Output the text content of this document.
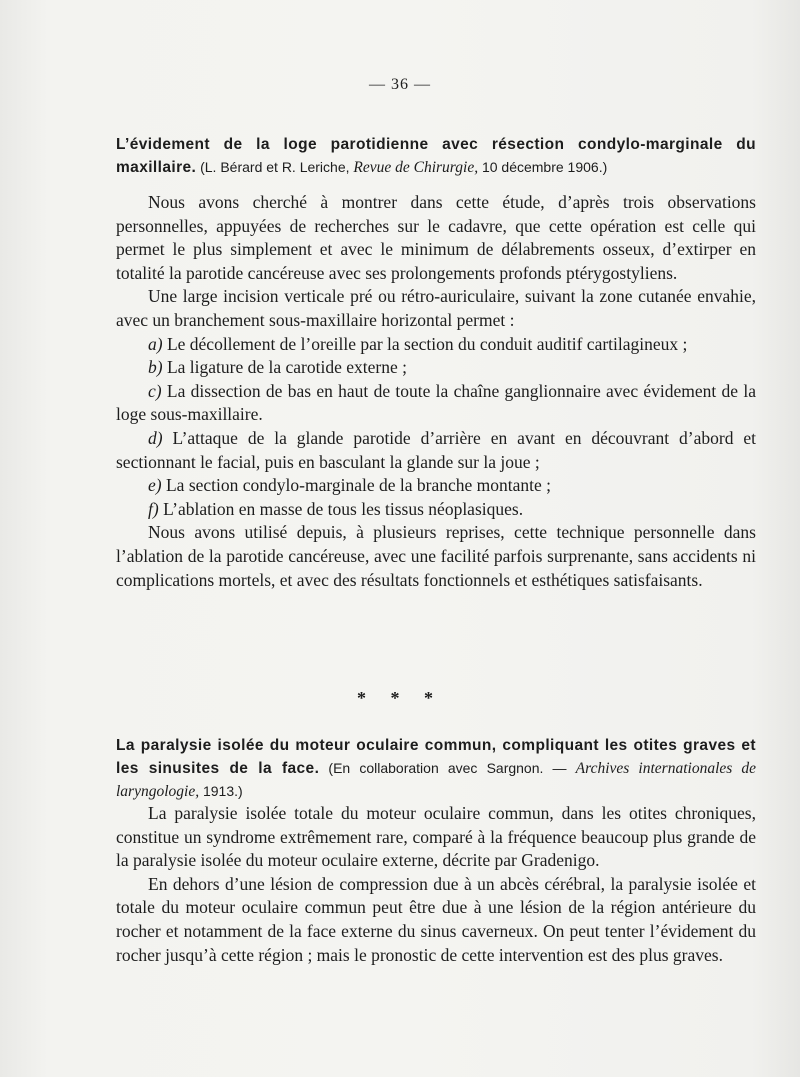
— 36 —
L’évidement de la loge parotidienne avec résection condylo-marginale du maxillaire. (L. Bérard et R. Leriche, Revue de Chirurgie, 10 décembre 1906.)

Nous avons cherché à montrer dans cette étude, d’après trois observations personnelles, appuyées de recherches sur le cadavre, que cette opération est celle qui permet le plus simplement et avec le minimum de délabrements osseux, d’extirper en totalité la parotide cancéreuse avec ses prolongements profonds ptérygostyliens.

Une large incision verticale pré ou rétro-auriculaire, suivant la zone cutanée envahie, avec un branchement sous-maxillaire horizontal permet :

a) Le décollement de l’oreille par la section du conduit auditif cartilagineux ;

b) La ligature de la carotide externe ;

c) La dissection de bas en haut de toute la chaîne ganglionnaire avec évidement de la loge sous-maxillaire.

d) L’attaque de la glande parotide d’arrière en avant en découvrant d’abord et sectionnant le facial, puis en basculant la glande sur la joue ;

e) La section condylo-marginale de la branche montante ;

f) L’ablation en masse de tous les tissus néoplasiques.

Nous avons utilisé depuis, à plusieurs reprises, cette technique personnelle dans l’ablation de la parotide cancéreuse, avec une facilité parfois surprenante, sans accidents ni complications mortels, et avec des résultats fonctionnels et esthétiques satisfaisants.

* * *
La paralysie isolée du moteur oculaire commun, compliquant les otites graves et les sinusites de la face. (En collaboration avec Sargnon. — Archives internationales de laryngologie, 1913.)

La paralysie isolée totale du moteur oculaire commun, dans les otites chroniques, constitue un syndrome extrêmement rare, comparé à la fréquence beaucoup plus grande de la paralysie isolée du moteur oculaire externe, décrite par Gradenigo.

En dehors d’une lésion de compression due à un abcès cérébral, la paralysie isolée et totale du moteur oculaire commun peut être due à une lésion de la région antérieure du rocher et notamment de la face externe du sinus caverneux. On peut tenter l’évidement du rocher jusqu’à cette région ; mais le pronostic de cette intervention est des plus graves.
